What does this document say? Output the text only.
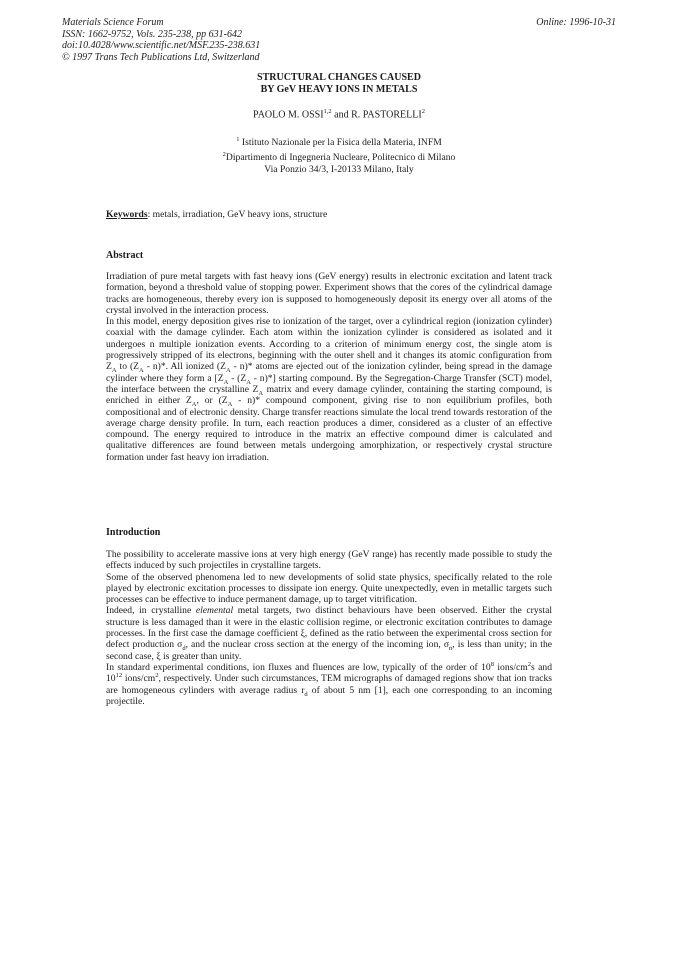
Materials Science Forum
ISSN: 1662-9752, Vols. 235-238, pp 631-642
doi:10.4028/www.scientific.net/MSF.235-238.631
© 1997 Trans Tech Publications Ltd, Switzerland
Online: 1996-10-31
STRUCTURAL CHANGES CAUSED
BY GeV HEAVY IONS IN METALS
PAOLO M. OSSI$^{1,2}$ and R. PASTORELLI$^2$
$^1$ Istituto Nazionale per la Fisica della Materia, INFM
$^2$Dipartimento di Ingegneria Nucleare, Politecnico di Milano
Via Ponzio 34/3, I-20133 Milano, Italy
Keywords: metals, irradiation, GeV heavy ions, structure
Abstract

Irradiation of pure metal targets with fast heavy ions (GeV energy) results in electronic excitation and latent track formation, beyond a threshold value of stopping power. Experiment shows that the cores of the cylindrical damage tracks are homogeneous, thereby every ion is supposed to homogeneously deposit its energy over all atoms of the crystal involved in the interaction process.

In this model, energy deposition gives rise to ionization of the target, over a cylindrical region (ionization cylinder) coaxial with the damage cylinder. Each atom within the ionization cylinder is considered as isolated and it undergoes n multiple ionization events. According to a criterion of minimum energy cost, the single atom is progressively stripped of its electrons, beginning with the outer shell and it changes its atomic configuration from $Z_A$ to $(Z_A - n)*$. All ionized $(Z_A - n)*$ atoms are ejected out of the ionization cylinder, being spread in the damage cylinder where they form a $[Z_A - (Z_A - n)*]$ starting compound. By the Segregation-Charge Transfer (SCT) model, the interface between the crystalline $Z_A$ matrix and every damage cylinder, containing the starting compound, is enriched in either $Z_A$, or $(Z_A - n)*$ compound component, giving rise to non equilibrium profiles, both compositional and of electronic density. Charge transfer reactions simulate the local trend towards restoration of the average charge density profile. In turn, each reaction produces a dimer, considered as a cluster of an effective compound. The energy required to introduce in the matrix an effective compound dimer is calculated and qualitative differences are found between metals undergoing amorphization, or respectively crystal structure formation under fast heavy ion irradiation.

Introduction

The possibility to accelerate massive ions at very high energy (GeV range) has recently made possible to study the effects induced by such projectiles in crystalline targets.

Some of the observed phenomena led to new developments of solid state physics, specifically related to the role played by electronic excitation processes to dissipate ion energy. Quite unexpectedly, even in metallic targets such processes can be effective to induce permanent damage, up to target vitrification.

Indeed, in crystalline elemental metal targets, two distinct behaviours have been observed. Either the crystal structure is less damaged than it were in the elastic collision regime, or electronic excitation contributes to damage processes. In the first case the damage coefficient ξ, defined as the ratio between the experimental cross section for defect production $\sigma_d$, and the nuclear cross section at the energy of the incoming ion, $\sigma_n$, is less than unity; in the second case, ξ is greater than unity.

In standard experimental conditions, ion fluxes and fluences are low, typically of the order of $10^8$ ions/$cm^2s$ and $10^{12}$ ions/$cm^2$, respectively. Under such circumstances, TEM micrographs of damaged regions show that ion tracks are homogeneous cylinders with average radius $r_d$ of about 5 nm [1], each one corresponding to an incoming projectile.
